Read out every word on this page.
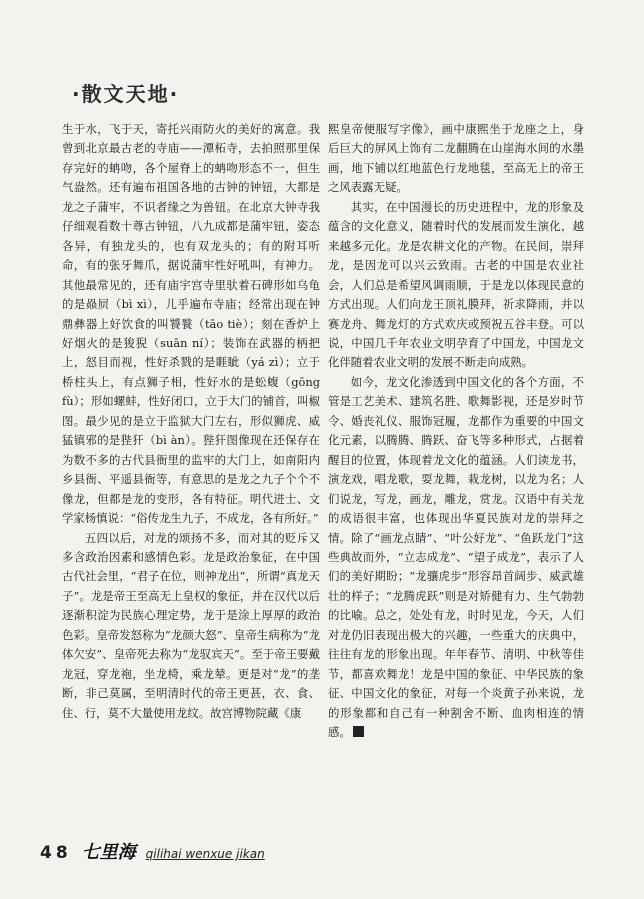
·散文天地·

生于水，飞于天，寄托兴雨防火的美好的寓意。我曾到北京最古老的寺庙——潭柘寺，去拍照那里保存完好的蚺吻，各个屋脊上的蚺吻形态不一，但生气盎然。还有遍布祖国各地的古钟的钟钮，大都是龙之子蒲牢，不识者缘之为兽钮。在北京大钟寺我仔细观看数十尊古钟钮，八九成都是蒲牢钮，姿态各异，有独龙头的，也有双龙头的；有的附耳听命，有的张牙舞爪，据说蒲牢性好吼叫，有神力。其他最常见的，还有庙宇宫寺里驮着石碑形如乌龟的是赑屃（bì xì），儿乎遍布寺庙；经常出现在钟鼎彝器上好饮食的叫饕餮（tāo tiè）；刻在香炉上好烟火的是狻猊（suān ní）；装饰在武器的柄把上，怒目而视，性好杀戮的是睚眦（yá zì）；立于桥柱头上，有点狮子相，性好水的是蚣蝮（gōng fù）；形如螺蚌，性好闭口，立于大门的铺首，叫椒图。最少见的是立于监狱大门左右，形似狮虎、威猛镇邪的是狴犴（bì àn）。狴犴图像现在还保存在为数不多的古代县衙里的监牢的大门上，如南阳内乡县衙、平遥县衙等，有意思的是龙之九子个个不像龙，但都是龙的变形，各有特征。明代进士、文学家杨慎说：“俗传龙生九子，不成龙，各有所好。”

五四以后，对龙的颂扬不多，而对其的贬斥又多含政治因素和感情色彩。龙是政治象征，在中国古代社会里，“君子在位，则神龙出”，所谓“真龙天子”。龙是帝王至高无上皇权的象征，并在汉代以后逐渐积淀为民族心理定势，龙于是涂上厚厚的政治色彩。皇帝发怒称为“龙颜大怒”、皇帝生病称为“龙体欠安”、皇帝死去称为“龙驭宾天”。至于帝王要戴龙冠，穿龙袍，坐龙椅，乘龙辇。更是对“龙”的垄断，非己莫属，至明清时代的帝王更甚，衣、食、住、行，莫不大量使用龙纹。故宫博物院藏《康

熙皇帝便服写字像》，画中康熙坐于龙座之上，身后巨大的屏风上饰有二龙翻腾在山崖海水间的水墨画，地下铺以红地蓝色行龙地毯，至高无上的帝王之风表露无疑。

其实，在中国漫长的历史进程中，龙的形象及蕴含的文化意义，随着时代的发展而发生演化，越来越多元化。龙是农耕文化的产物。在民间，崇拜龙，是因龙可以兴云致雨。古老的中国是农业社会，人们总是希望风调雨顺，于是龙以体现民意的方式出现。人们向龙王顶礼膜拜，祈求降雨，并以赛龙舟、舞龙灯的方式欢庆或预祝五谷丰登。可以说，中国几千年农业文明孕育了中国龙，中国龙文化伴随着农业文明的发展不断走向成熟。

如今，龙文化渗透到中国文化的各个方面，不管是工艺美术、建筑名胜、歌舞影视，还是岁时节令、婚丧礼仪、服饰冠履，龙都作为重要的中国文化元素，以腾腾、腾跃、奋飞等多种形式，占据着醒目的位置，体现着龙文化的蕴涵。人们读龙书，演龙戏，唱龙歌，耍龙舞，栽龙树，以龙为名；人们说龙，写龙，画龙，雕龙，赏龙。汉语中有关龙的成语很丰富，也体现出华夏民族对龙的崇拜之情。除了“画龙点睛”、“叶公好龙”、“鱼跃龙门”这些典故而外，“立志成龙”、“望子成龙”，表示了人们的美好期盼；“龙骧虎步”形容昂首阔步、威武雄壮的样子；“龙腾虎跃”则是对矫健有力、生气勃勃的比喻。总之，处处有龙，时时见龙，今天，人们对龙仍旧表现出极大的兴趣，一些重大的庆典中，往往有龙的形象出现。年年春节、清明、中秋等佳节，都喜欢舞龙！龙是中国的象征、中华民族的象征、中国文化的象征，对每一个炎黄子孙来说，龙的形象都和自己有一种割舍不断、血肉相连的情感。

48 七里海 qilihai wenxue jikan
